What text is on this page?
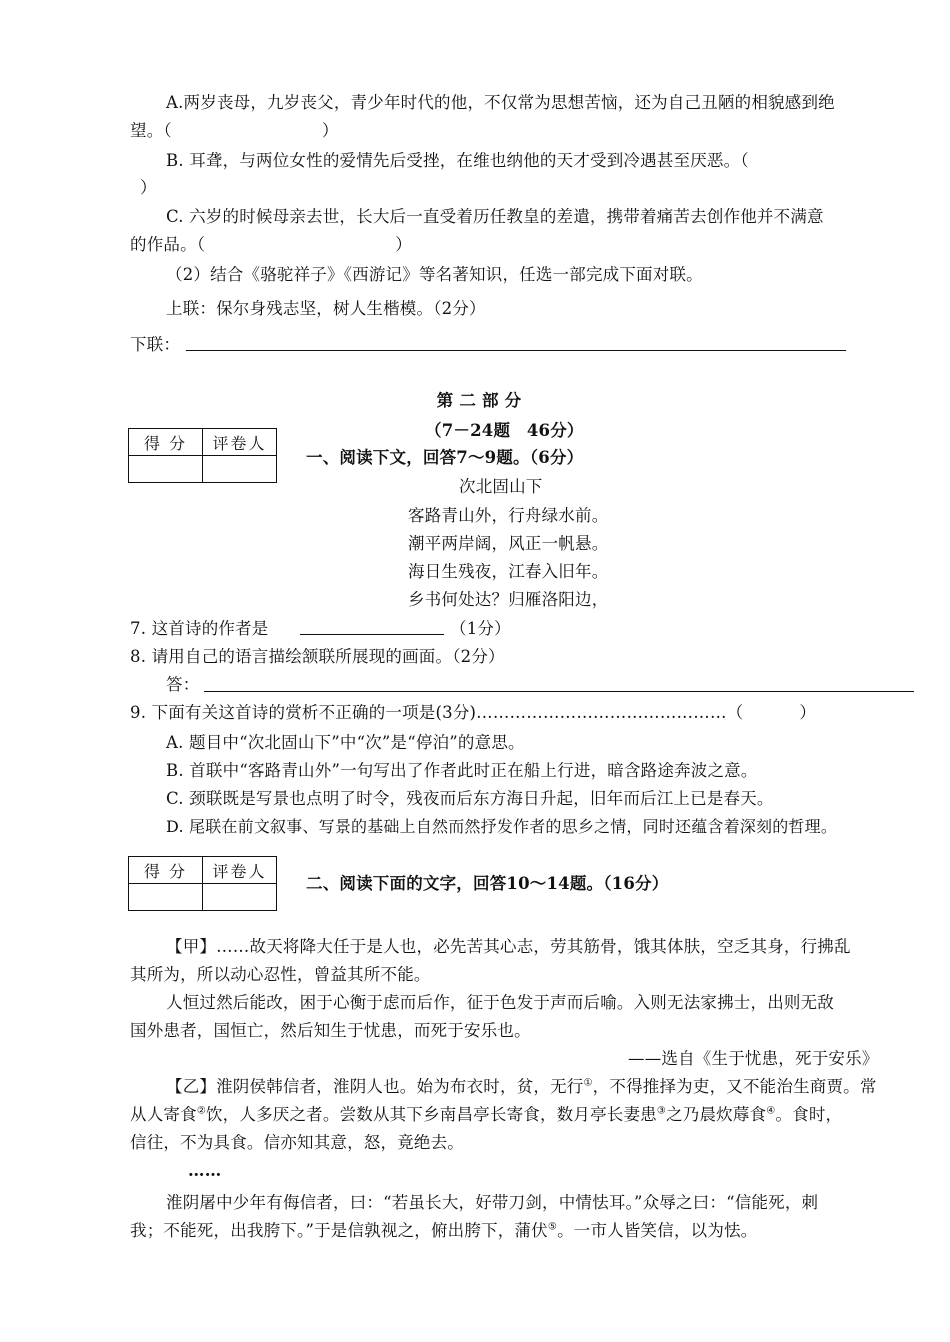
A.两岁丧母，九岁丧父，青少年时代的他，不仅常为思想苦恼，还为自己丑陋的相貌感到绝
望。（	）
B. 耳聋，与两位女性的爱情先后受挫，在维也纳他的天才受到冷遇甚至厌恶。（
）
C. 六岁的时候母亲去世，长大后一直受着历任教皇的差遣，携带着痛苦去创作他并不满意
的作品。（	）
（2）结合《骆驼祥子》《西游记》等名著知识，任选一部完成下面对联。
上联：保尔身残志坚，树人生楷模。（2分）
下联：
第 二 部 分
（7－24题　46分）
得 分	评卷人

一、阅读下文，回答7～9题。（6分）
次北固山下
客路青山外，行舟绿水前。
潮平两岸阔，风正一帆悬。
海日生残夜，江春入旧年。
乡书何处达？归雁洛阳边，
7. 这首诗的作者是	（1分）
8. 请用自己的语言描绘颔联所展现的画面。（2分）
答：
9. 下面有关这首诗的赏析不正确的一项是(3分)………………………………………（	）
A. 题目中“次北固山下”中“次”是“停泊”的意思。
B. 首联中“客路青山外”一句写出了作者此时正在船上行进，暗含路途奔波之意。
C. 颈联既是写景也点明了时令，残夜而后东方海日升起，旧年而后江上已是春天。
D. 尾联在前文叙事、写景的基础上自然而然抒发作者的思乡之情，同时还蕴含着深刻的哲理。
得 分	评卷人

二、阅读下面的文字，回答10～14题。（16分）
【甲】……故天将降大任于是人也，必先苦其心志，劳其筋骨，饿其体肤，空乏其身，行拂乱
其所为，所以动心忍性，曾益其所不能。
人恒过然后能改，困于心衡于虑而后作，征于色发于声而后喻。入则无法家拂士，出则无敌
国外患者，国恒亡，然后知生于忧患，而死于安乐也。
——选自《生于忧患，死于安乐》
【乙】淮阴侯韩信者，淮阴人也。始为布衣时，贫，无行①，不得推择为吏，又不能治生商贾。常
从人寄食②饮，人多厌之者。尝数从其下乡南昌亭长寄食，数月亭长妻患③之乃晨炊蓐食④。食时，
信往，不为具食。信亦知其意，怒，竟绝去。
……
淮阴屠中少年有侮信者，曰：“若虽长大，好带刀剑，中情怯耳。”众辱之曰：“信能死，刺
我；不能死，出我胯下。”于是信孰视之，俯出胯下，蒲伏⑤。一市人皆笑信，以为怯。
